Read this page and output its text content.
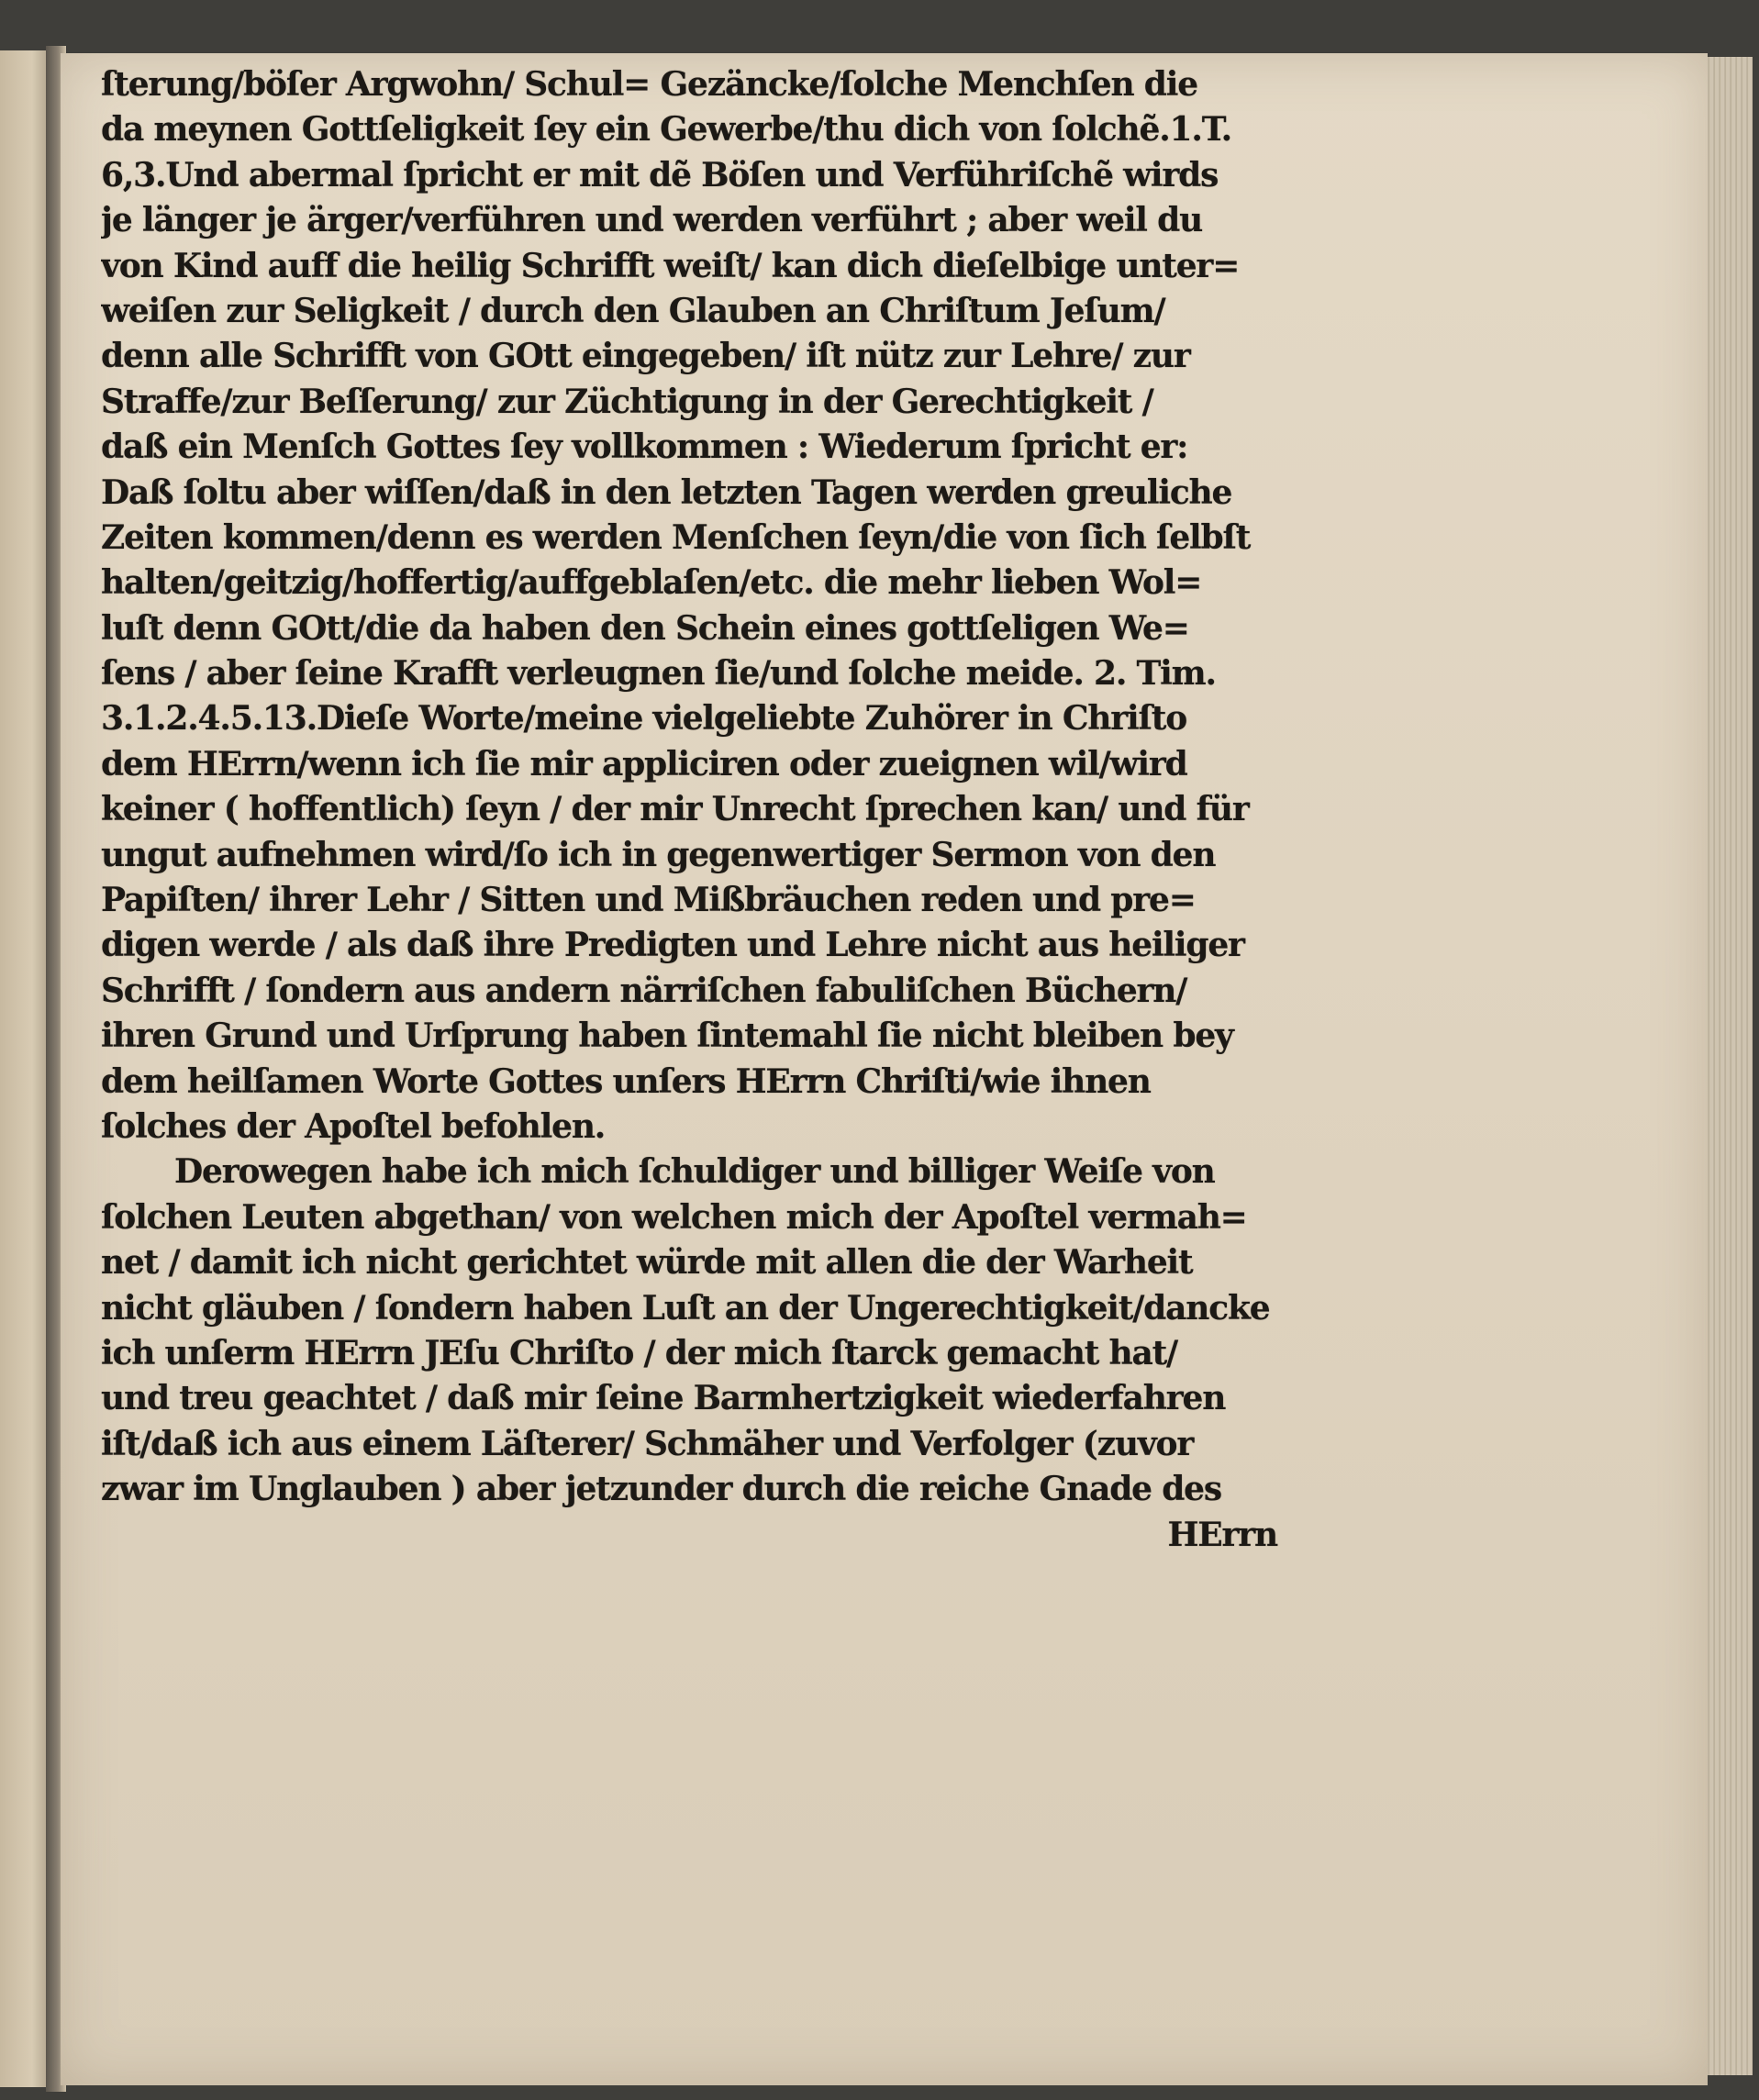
ſterung/böſer Argwohn/ Schul= Gezäncke/ſolche Menchſen die
da meynen Gottſeligkeit ſey ein Gewerbe/thu dich von ſolchẽ.1.T.
6,3.Und abermal ſpricht er mit dẽ Böſen und Verführiſchẽ wirds
je länger je ärger/verführen und werden verführt ; aber weil du
von Kind auff die heilig Schrifft weiſt/ kan dich dieſelbige unter=
weiſen zur Seligkeit / durch den Glauben an Chriſtum Jeſum/
denn alle Schrifft von GOtt eingegeben/ iſt nütz zur Lehre/ zur
Straffe/zur Beſſerung/ zur Züchtigung in der Gerechtigkeit /
daß ein Menſch Gottes ſey vollkommen : Wiederum ſpricht er:
Daß ſoltu aber wiſſen/daß in den letzten Tagen werden greuliche
Zeiten kommen/denn es werden Menſchen ſeyn/die von ſich ſelbſt
halten/geitzig/hoffertig/auffgeblaſen/etc. die mehr lieben Wol=
luſt denn GOtt/die da haben den Schein eines gottſeligen We=
ſens / aber ſeine Krafft verleugnen ſie/und ſolche meide. 2. Tim.
3.1.2.4.5.13.Dieſe Worte/meine vielgeliebte Zuhörer in Chriſto
dem HErrn/wenn ich ſie mir appliciren oder zueignen wil/wird
keiner ( hoffentlich) ſeyn / der mir Unrecht ſprechen kan/ und für
ungut aufnehmen wird/ſo ich in gegenwertiger Sermon von den
Papiſten/ ihrer Lehr / Sitten und Mißbräuchen reden und pre=
digen werde / als daß ihre Predigten und Lehre nicht aus heiliger
Schrifft / ſondern aus andern närriſchen fabuliſchen Büchern/
ihren Grund und Urſprung haben ſintemahl ſie nicht bleiben bey
dem heilſamen Worte Gottes unſers HErrn Chriſti/wie ihnen
ſolches der Apoſtel befohlen.
Derowegen habe ich mich ſchuldiger und billiger Weiſe von
ſolchen Leuten abgethan/ von welchen mich der Apoſtel vermah=
net / damit ich nicht gerichtet würde mit allen die der Warheit
nicht gläuben / ſondern haben Luſt an der Ungerechtigkeit/dancke
ich unſerm HErrn JEſu Chriſto / der mich ſtarck gemacht hat/
und treu geachtet / daß mir ſeine Barmhertzigkeit wiederfahren
iſt/daß ich aus einem Läſterer/ Schmäher und Verfolger (zuvor
zwar im Unglauben ) aber jetzunder durch die reiche Gnade des
HErrn
